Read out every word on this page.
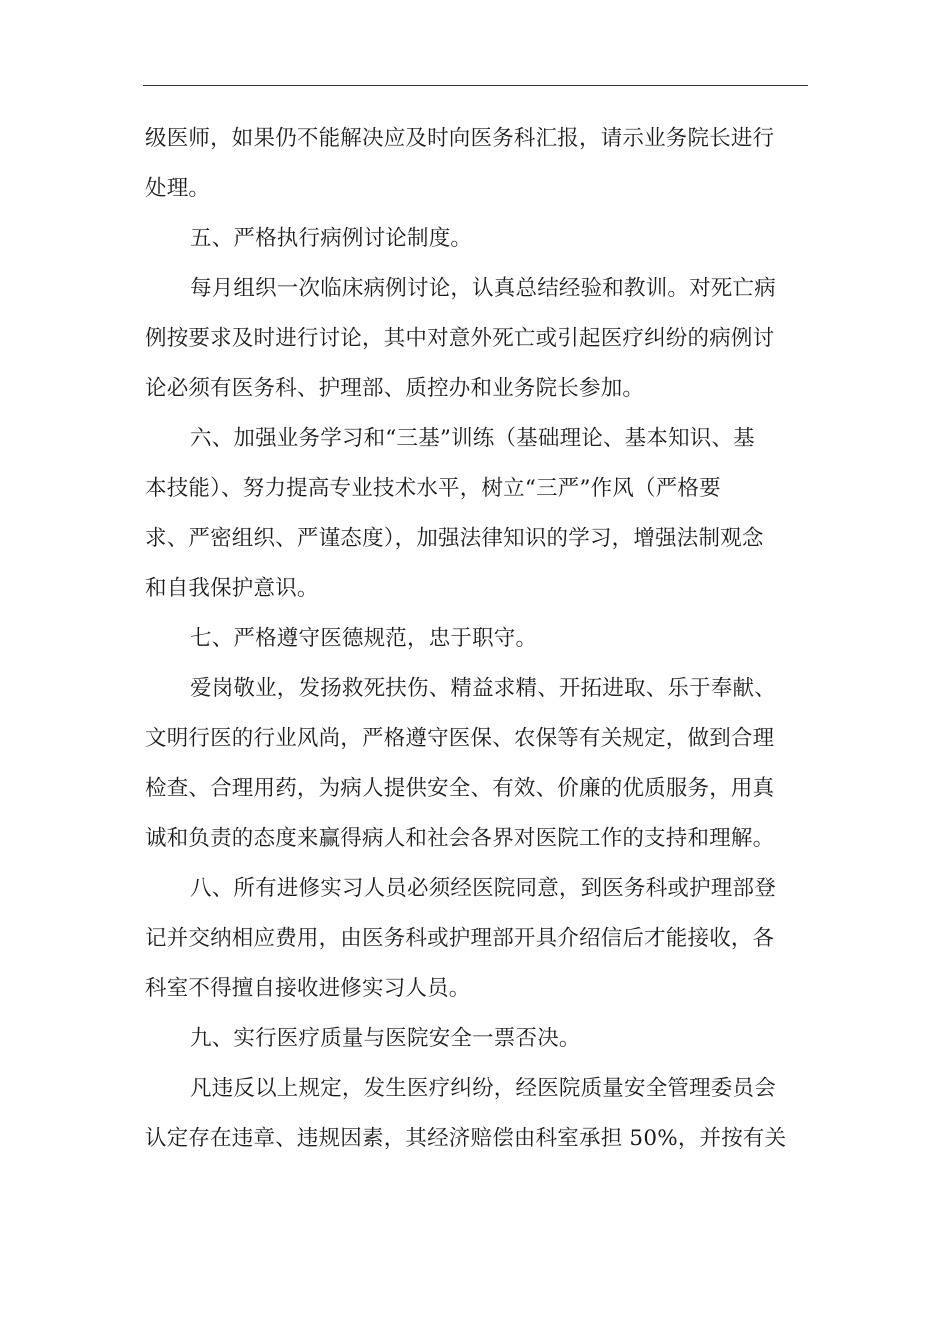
级医师，如果仍不能解决应及时向医务科汇报，请示业务院长进行
处理。
五、严格执行病例讨论制度。
每月组织一次临床病例讨论，认真总结经验和教训。对死亡病
例按要求及时进行讨论，其中对意外死亡或引起医疗纠纷的病例讨
论必须有医务科、护理部、质控办和业务院长参加。
六、加强业务学习和“三基”训练（基础理论、基本知识、基
本技能）、努力提高专业技术水平，树立“三严”作风（严格要
求、严密组织、严谨态度），加强法律知识的学习，增强法制观念
和自我保护意识。
七、严格遵守医德规范，忠于职守。
爱岗敬业，发扬救死扶伤、精益求精、开拓进取、乐于奉献、
文明行医的行业风尚，严格遵守医保、农保等有关规定，做到合理
检查、合理用药，为病人提供安全、有效、价廉的优质服务，用真
诚和负责的态度来赢得病人和社会各界对医院工作的支持和理解。
八、所有进修实习人员必须经医院同意，到医务科或护理部登
记并交纳相应费用，由医务科或护理部开具介绍信后才能接收，各
科室不得擅自接收进修实习人员。
九、实行医疗质量与医院安全一票否决。
凡违反以上规定，发生医疗纠纷，经医院质量安全管理委员会
认定存在违章、违规因素，其经济赔偿由科室承担 50%，并按有关
